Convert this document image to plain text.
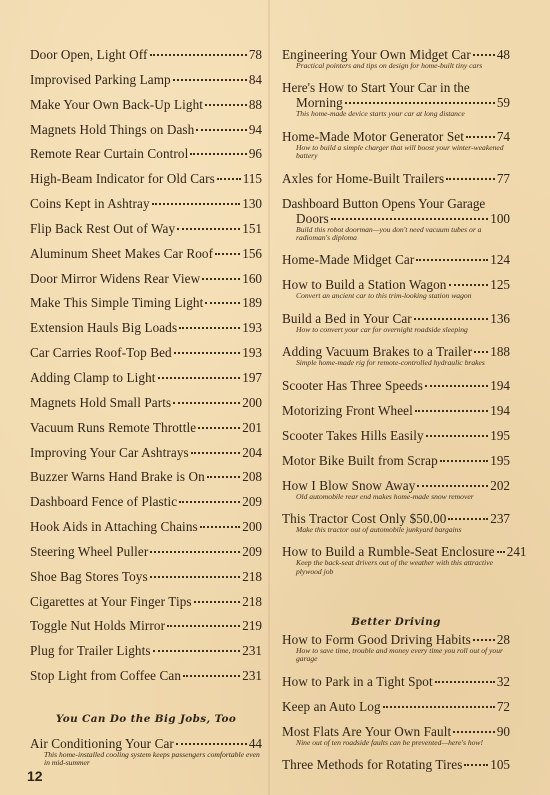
Door Open, Light Off	78
Improvised Parking Lamp	84
Make Your Own Back-Up Light	88
Magnets Hold Things on Dash	94
Remote Rear Curtain Control	96
High-Beam Indicator for Old Cars 115
Coins Kept in Ashtray	130
Flip Back Rest Out of Way	151
Aluminum Sheet Makes Car Roof 156
Door Mirror Widens Rear View	160
Make This Simple Timing Light	189
Extension Hauls Big Loads	193
Car Carries Roof-Top Bed	193
Adding Clamp to Light	197
Magnets Hold Small Parts	200
Vacuum Runs Remote Throttle	201
Improving Your Car Ashtrays	204
Buzzer Warns Hand Brake is On	208
Dashboard Fence of Plastic	209
Hook Aids in Attaching Chains	200
Steering Wheel Puller	209
Shoe Bag Stores Toys	218
Cigarettes at Your Finger Tips	218
Toggle Nut Holds Mirror	219
Plug for Trailer Lights	231
Stop Light from Coffee Can	231
You Can Do the Big Jobs, Too
Air Conditioning Your Car	44
This home-installed cooling system keeps passengers comfortable even in mid-summer
Engineering Your Own Midget Car 48
Practical pointers and tips on design for home-built tiny cars
Here's How to Start Your Car in the
Morning	59
This home-made device starts your car at long distance
Home-Made Motor Generator Set 74
How to build a simple charger that will boost your winter-weakened battery
Axles for Home-Built Trailers	77
Dashboard Button Opens Your Garage
Doors	100
Build this robot doorman—you don't need vacuum tubes or a radioman's diploma
Home-Made Midget Car	124
How to Build a Station Wagon	125
Convert an ancient car to this trim-looking station wagon
Build a Bed in Your Car	136
How to convert your car for overnight roadside sleeping
Adding Vacuum Brakes to a Trailer 188
Simple home-made rig for remote-controlled hydraulic brakes
Scooter Has Three Speeds	194
Motorizing Front Wheel	194
Scooter Takes Hills Easily	195
Motor Bike Built from Scrap	195
How I Blow Snow Away	202
Old automobile rear end makes home-made snow remover
This Tractor Cost Only $50.00	237
Make this tractor out of automobile junkyard bargains
How to Build a Rumble-Seat Enclosure 241
Keep the back-seat drivers out of the weather with this attractive plywood job
Better Driving
How to Form Good Driving Habits 28
How to save time, trouble and money every time you roll out of your garage
How to Park in a Tight Spot	32
Keep an Auto Log	72
Most Flats Are Your Own Fault	90
Nine out of ten roadside faults can be prevented—here's how!
Three Methods for Rotating Tires 105
12
